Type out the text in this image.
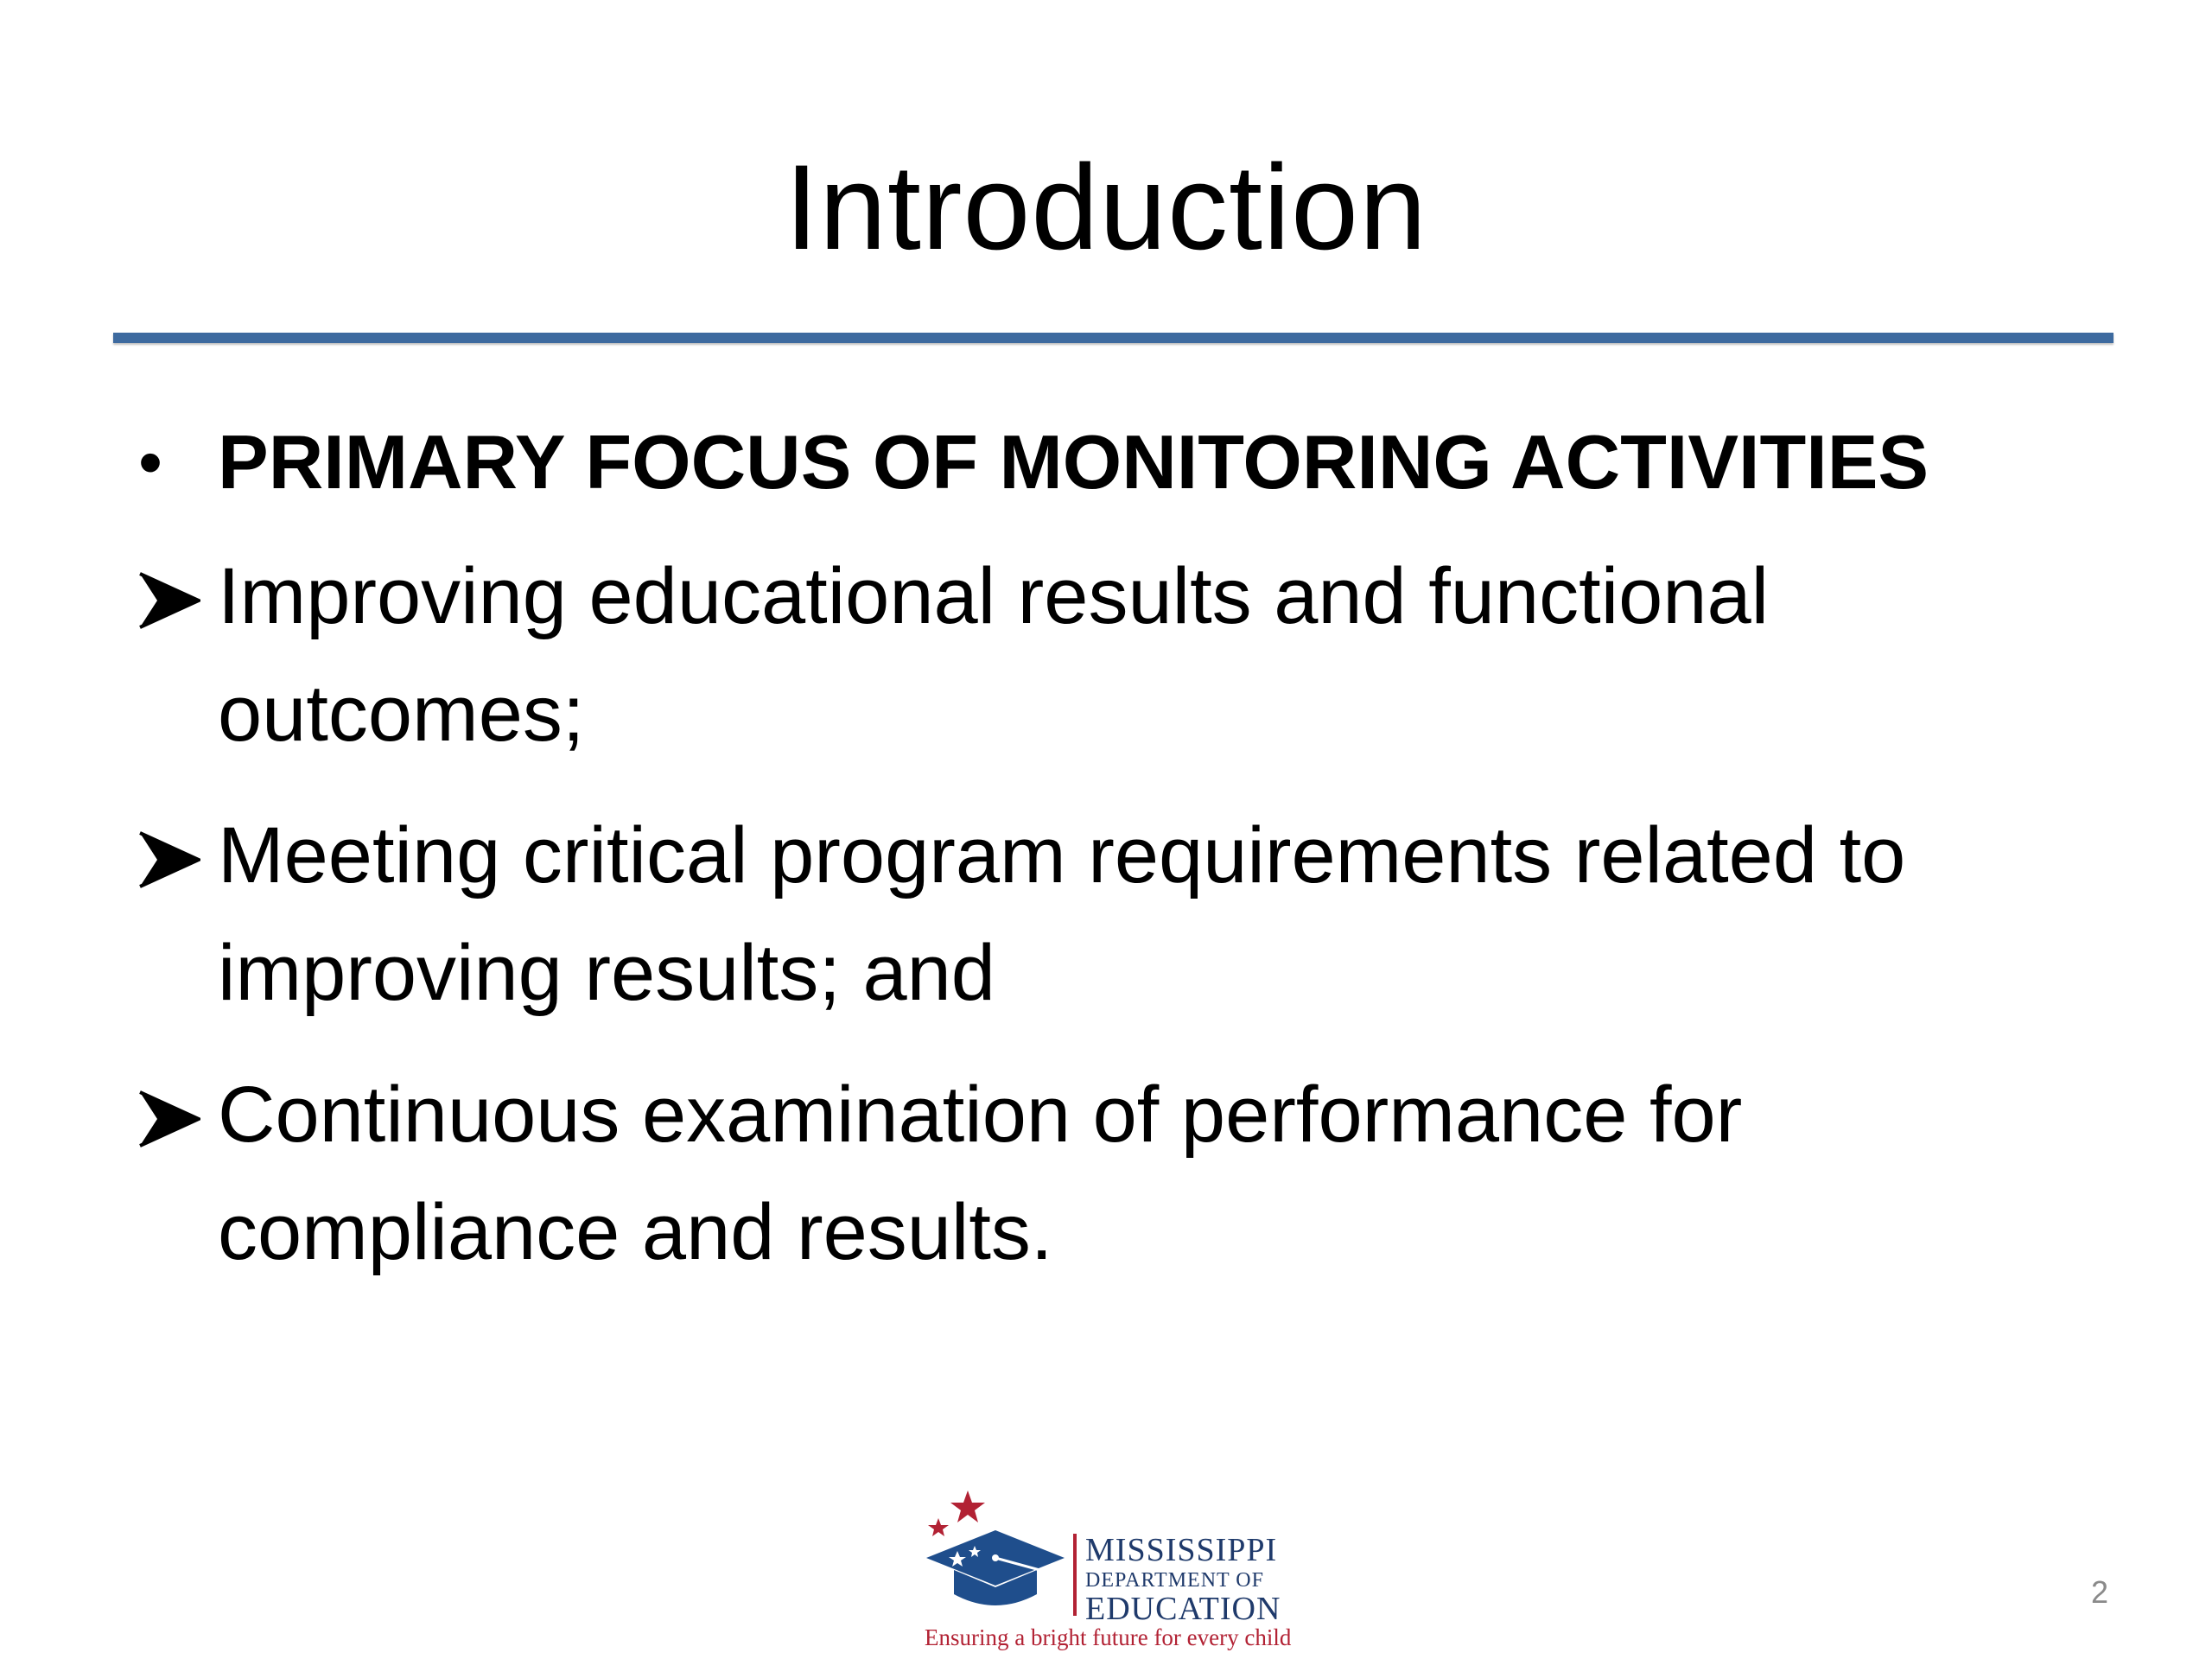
Introduction
• PRIMARY FOCUS OF MONITORING ACTIVITIES
Improving educational results and functional outcomes;
Meeting critical program requirements related to improving results; and
Continuous examination of performance for compliance and results.
MISSISSIPPI
DEPARTMENT OF
EDUCATION
Ensuring a bright future for every child
2
